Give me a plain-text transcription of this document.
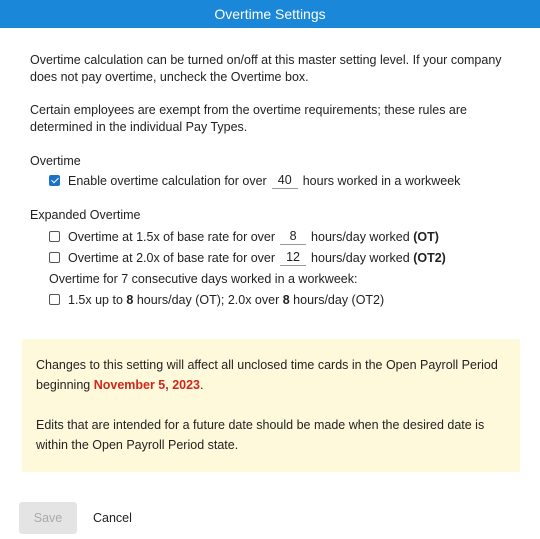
Overtime Settings

Overtime calculation can be turned on/off at this master setting level. If your company does not pay overtime, uncheck the Overtime box.

Certain employees are exempt from the overtime requirements; these rules are determined in the individual Pay Types.

Overtime
Enable overtime calculation for over 40 hours worked in a workweek
Expanded Overtime
Overtime at 1.5x of base rate for over	8	hours/day worked
(OT)
Overtime at 2.0x of base rate for over 12 hours/day worked
(OT2)
Overtime for 7 consecutive days worked in a workweek:
1.5x up to
8
hours/day (OT); 2.0x over
8
hours/day (OT2)
Changes to this setting will affect all unclosed time cards in the Open Payroll Period beginning November 5, 2023.
Edits that are intended for a future date should be made when the desired date is within the Open Payroll Period state.
Save	Cancel
